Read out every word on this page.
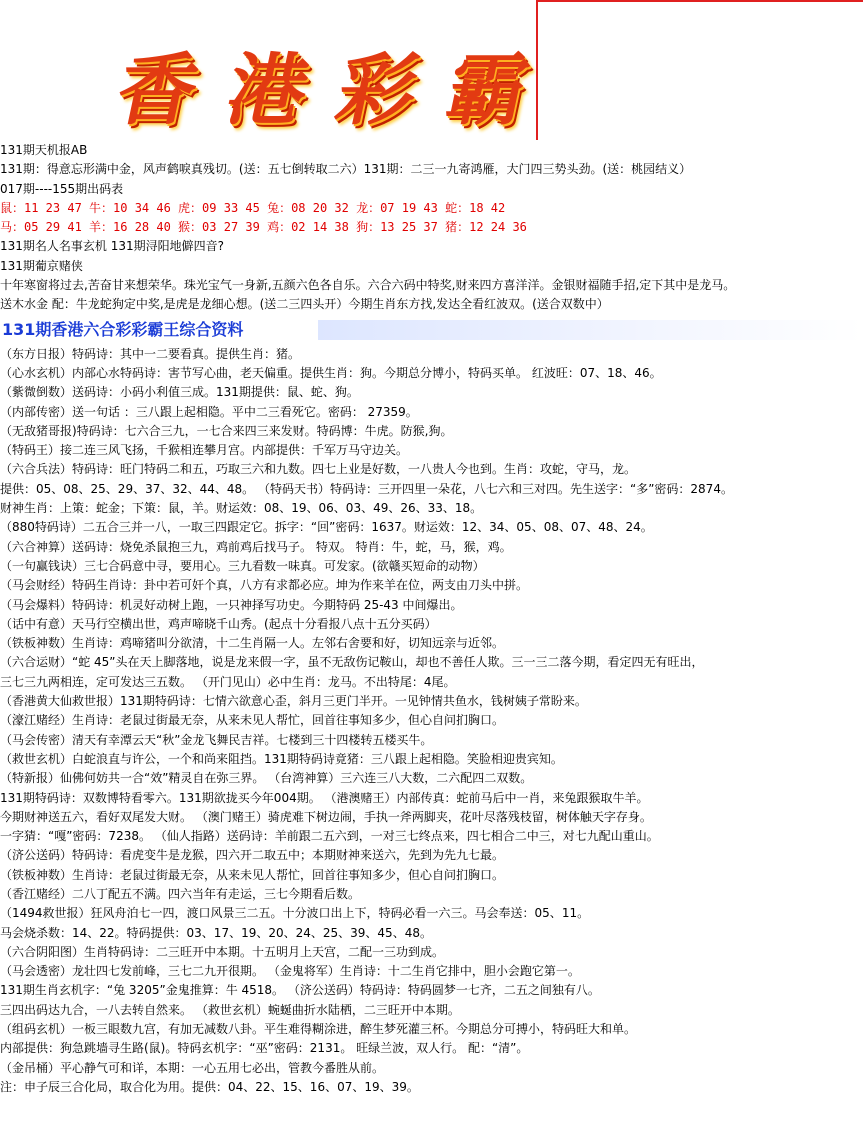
香 港 彩 霸
131期天机报AB
131期：得意忘形满中金，风声鹤唳真残切。(送：五七倒转取二六）131期：二三一九寄鸿雁，大门四三势头劲。(送：桃园结义）
017期----155期出码表
鼠：11 23 47 牛：10 34 46 虎：09 33 45 兔：08 20 32 龙：07 19 43 蛇：18 42
马：05 29 41 羊：16 28 40 猴：03 27 39 鸡：02 14 38 狗：13 25 37 猪：12 24 36
131期名人名事玄机 131期浔阳地僻四音?
131期葡京赌侠
十年寒窗将过去,苦奋甘来想荣华。珠光宝气一身新,五颜六色各自乐。六合六码中特奖,财来四方喜洋洋。金银财福随手招,定下其中是龙马。
送木水金 配：牛龙蛇狗定中奖,是虎是龙细心想。(送二三四头开）今期生肖东方找,发达全看红波双。(送合双数中）
131期香港六合彩彩霸王综合资料
（东方日报）特码诗：其中一二要看真。提供生肖：猪。
（心水玄机）内部心水特码诗：害节写心曲，老天偏重。提供生肖：狗。今期总分博小，特码买单。 红波旺：07、18、46。
（紫微倒数）送码诗：小码小利值三成。131期提供：鼠、蛇、狗。
（内部传密）送一句话 ：三八跟上起相隐。平中二三看死它。密码： 27359。
（无敌猪哥报)特码诗：七六合三九，一七合来四三来发财。特码博：牛虎。防猴,狗。
（特码王）接二连三风飞扬，千猴相连攀月宫。内部提供：千军万马守边关。
（六合兵法）特码诗：旺门特码二和五，巧取三六和九数。四七上业是好数，一八贵人今也到。生肖：攻蛇，守马，龙。
提供：05、08、25、29、37、32、44、48。 （特码天书）特码诗：三开四里一朵花，八七六和三对四。先生送字：“多”密码：2874。
财神生肖：上策：蛇金；下策：鼠，羊。财运效：08、19、06、03、49、26、33、18。
（880特码诗）二五合三并一八，一取三四跟定它。拆字：“回”密码：1637。财运效：12、34、05、08、07、48、24。
（六合神算）送码诗：烧免杀鼠抱三九，鸡前鸡后找马子。 特双。 特肖：牛，蛇，马，猴，鸡。
（一句赢钱诀）三七合码意中寻，要用心。三九看数一味真。可发家。(欲赣买短命的动物）
（马会财经）特码生肖诗：卦中若可奸个真，八方有求都必应。坤为作来羊在位，两支由刀头中拼。
（马会爆料）特码诗：机灵好动树上跑，一只神择写功史。今期特码 25-43 中间爆出。
（话中有意）天马行空横出世，鸡声啼晓千山秀。(起点十分看报八点十五分买码）
（铁板神数）生肖诗：鸡啼猪叫分欲清，十二生肖隔一人。左邻右舍要和好，切知远亲与近邻。
（六合运财）“蛇 45”头在天上脚落地，说是龙来假一字，虽不无敌伤记鞍山，却也不善任人欺。三一三二落今期，看定四无有旺出，
三七三九两相连，定可发达三五数。 （开门见山）必中生肖：龙马。不出特尾：4尾。
（香港黄大仙救世报）131期特码诗：七情六欲意心歪，斜月三更门半开。一见钟情共鱼水，钱树姨子常盼来。
（濠江赌经）生肖诗：老鼠过街最无奈，从来未见人帮忙，回首往事知多少，但心自问扪胸口。
（马会传密）清天有幸潭云天“秋”金龙飞舞民吉祥。七楼到三十四楼转五楼买牛。
（救世玄机）白蛇浪直与许公，一个和尚来阻挡。131期特码诗竟猪：三八跟上起相隐。笑脸相迎贵宾知。
（特新报）仙佛何妨共一合“效”精灵自在弥三界。 （台湾神算）三六连三八大数，二六配四二双数。
131期特码诗：双数博特看零六。131期欲拢买今年004期。 （港澳赌王）内部传真：蛇前马后中一肖，来兔跟猴取牛羊。
今期财神送五六，看好双尾发大财。 （澳门赌王）骑虎难下树边闹，手执一斧两脚夹，花叶尽落残枝留，树体触天字存身。
一字猜：“嘎”密码：7238。 （仙人指路）送码诗：羊前跟二五六到，一对三七终点来，四七相合二中三，对七九配山重山。
（济公送码）特码诗：看虎变牛是龙猴，四六开二取五中；本期财神来送六，先到为先九七最。
（铁板神数）生肖诗：老鼠过街最无奈，从来未见人帮忙，回首往事知多少，但心自问扪胸口。
（香江赌经）二八丁配五不满。四六当年有走运，三七今期看后数。
（1494救世报）狂风舟泊七一四，渡口风景三二五。十分波口出上下，特码必看一六三。马会奉送：05、11。
马会烧杀数：14、22。特码提供：03、17、19、20、24、25、39、45、48。
（六合阴阳图）生肖特码诗：二三旺开中本期。十五明月上天宫，二配一三功到成。
（马会透密）龙壮四七发前峰，三七二九开很期。 （金鬼将军）生肖诗：十二生肖它排中，胆小会跑它第一。
131期生肖玄机字：“兔 3205”金鬼推算：牛 4518。 （济公送码）特码诗：特码圆梦一七齐，二五之间独有八。
三四出码达九合，一八去转自然来。 （救世玄机）蜿蜒曲折水陆栖，二三旺开中本期。
（组码玄机）一板三眼数九宫，有加无减数八卦。平生难得糊涂进，醉生梦死灌三杯。今期总分可搏小，特码旺大和单。
内部提供：狗急跳墙寻生路(鼠)。特码玄机字：“巫”密码：2131。 旺绿兰波，双人行。 配：“清”。
（金吊桶）平心静气可和详，本期：一心五用七必出，管教今番胜从前。
注：申子辰三合化局，取合化为用。提供：04、22、15、16、07、19、39。
